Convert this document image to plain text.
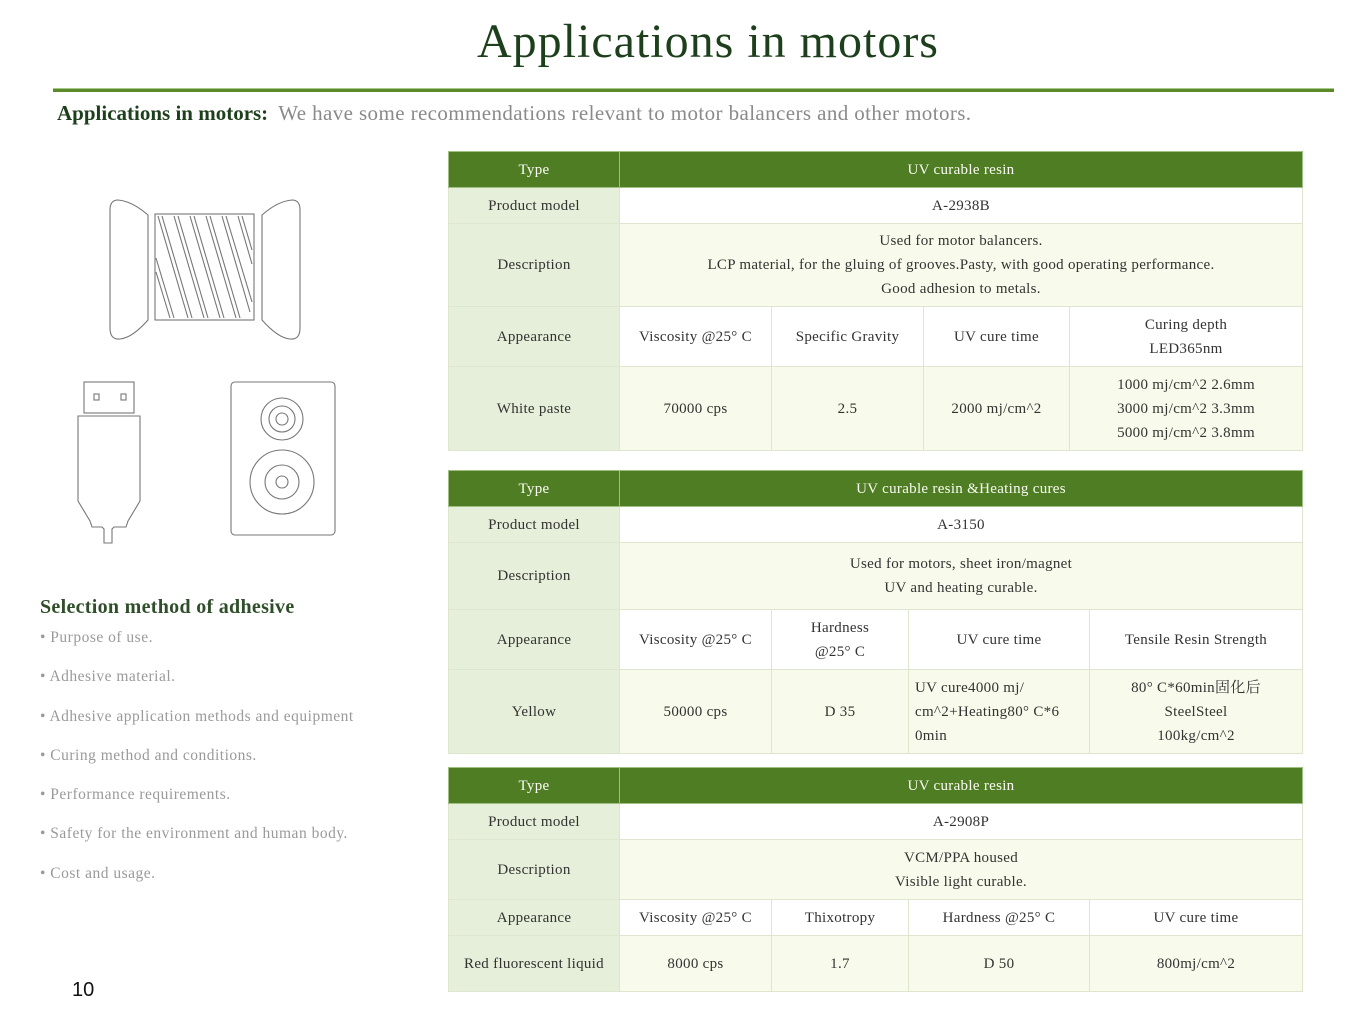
Applications in motors
Applications in motors: We have some recommendations relevant to motor balancers and other motors.
Selection method of adhesive
• Purpose of use.
• Adhesive material.
• Adhesive application methods and equipment
• Curing method and conditions.
• Performance requirements.
• Safety for the environment and human body.
• Cost and usage.
10
Type	UV curable resin			
Product model	A-2938B			
Description	Used for motor balancers.
LCP material, for the gluing of grooves.Pasty, with good operating performance.
Good adhesion to metals.			

Appearance	Viscosity @25° C	Specific Gravity	UV cure time	Curing depth
LED365nm
White paste	70000 cps	2.5	2000 mj/cm^2	1000 mj/cm^2 2.6mm
3000 mj/cm^2 3.3mm
5000 mj/cm^2 3.8mm
Type	UV curable resin &Heating cures			
Product model	A-3150			
Description	Used for motors, sheet iron/magnet
UV and heating curable.			

Appearance	Viscosity @25° C	Hardness
@25° C	UV cure time	Tensile Resin Strength
Yellow	50000 cps	D 35	UV cure4000 mj/
cm^2+Heating80° C*6
0min	80° C*60min固化后
SteelSteel
100kg/cm^2
Type	UV curable resin			
Product model	A-2908P			
Description	VCM/PPA housed
Visible light curable.			

Appearance	Viscosity @25° C	Thixotropy	Hardness @25° C	UV cure time
Red fluorescent liquid	8000 cps	1.7	D 50	800mj/cm^2
